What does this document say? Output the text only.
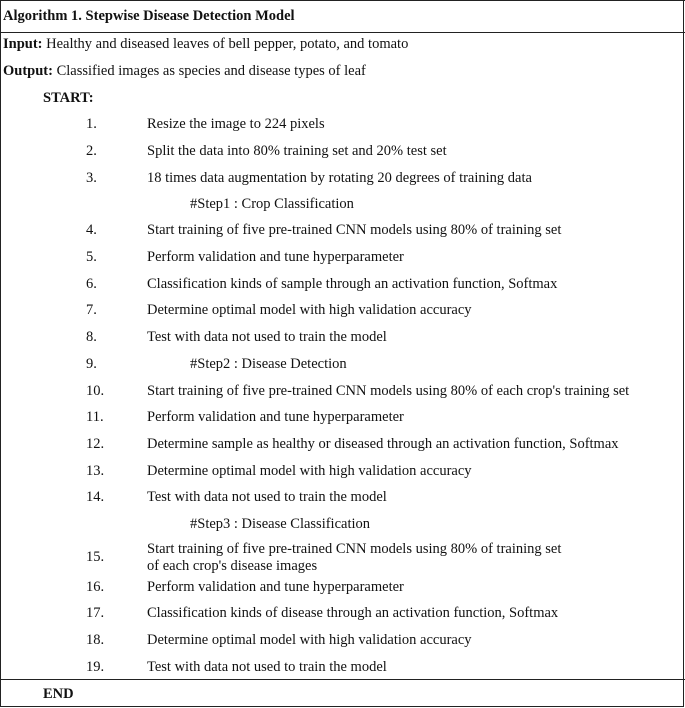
Algorithm 1. Stepwise Disease Detection Model
Input: Healthy and diseased leaves of bell pepper, potato, and tomato
Output: Classified images as species and disease types of leaf
START:
1.	Resize the image to 224 pixels
2.	Split the data into 80% training set and 20% test set
3.	18 times data augmentation by rotating 20 degrees of training data
#Step1 : Crop Classification
4.	Start training of five pre-trained CNN models using 80% of training set
5.	Perform validation and tune hyperparameter
6.	Classification kinds of sample through an activation function, Softmax
7.	Determine optimal model with high validation accuracy
8.	Test with data not used to train the model
9.	#Step2 : Disease Detection
10.	Start training of five pre-trained CNN models using 80% of each crop's training set
11.	Perform validation and tune hyperparameter
12.	Determine sample as healthy or diseased through an activation function, Softmax
13.	Determine optimal model with high validation accuracy
14.	Test with data not used to train the model
#Step3 : Disease Classification
15.	Start training of five pre-trained CNN models using 80% of training set
of each crop's disease images
16.	Perform validation and tune hyperparameter
17.	Classification kinds of disease through an activation function, Softmax
18.	Determine optimal model with high validation accuracy
19.	Test with data not used to train the model
END
